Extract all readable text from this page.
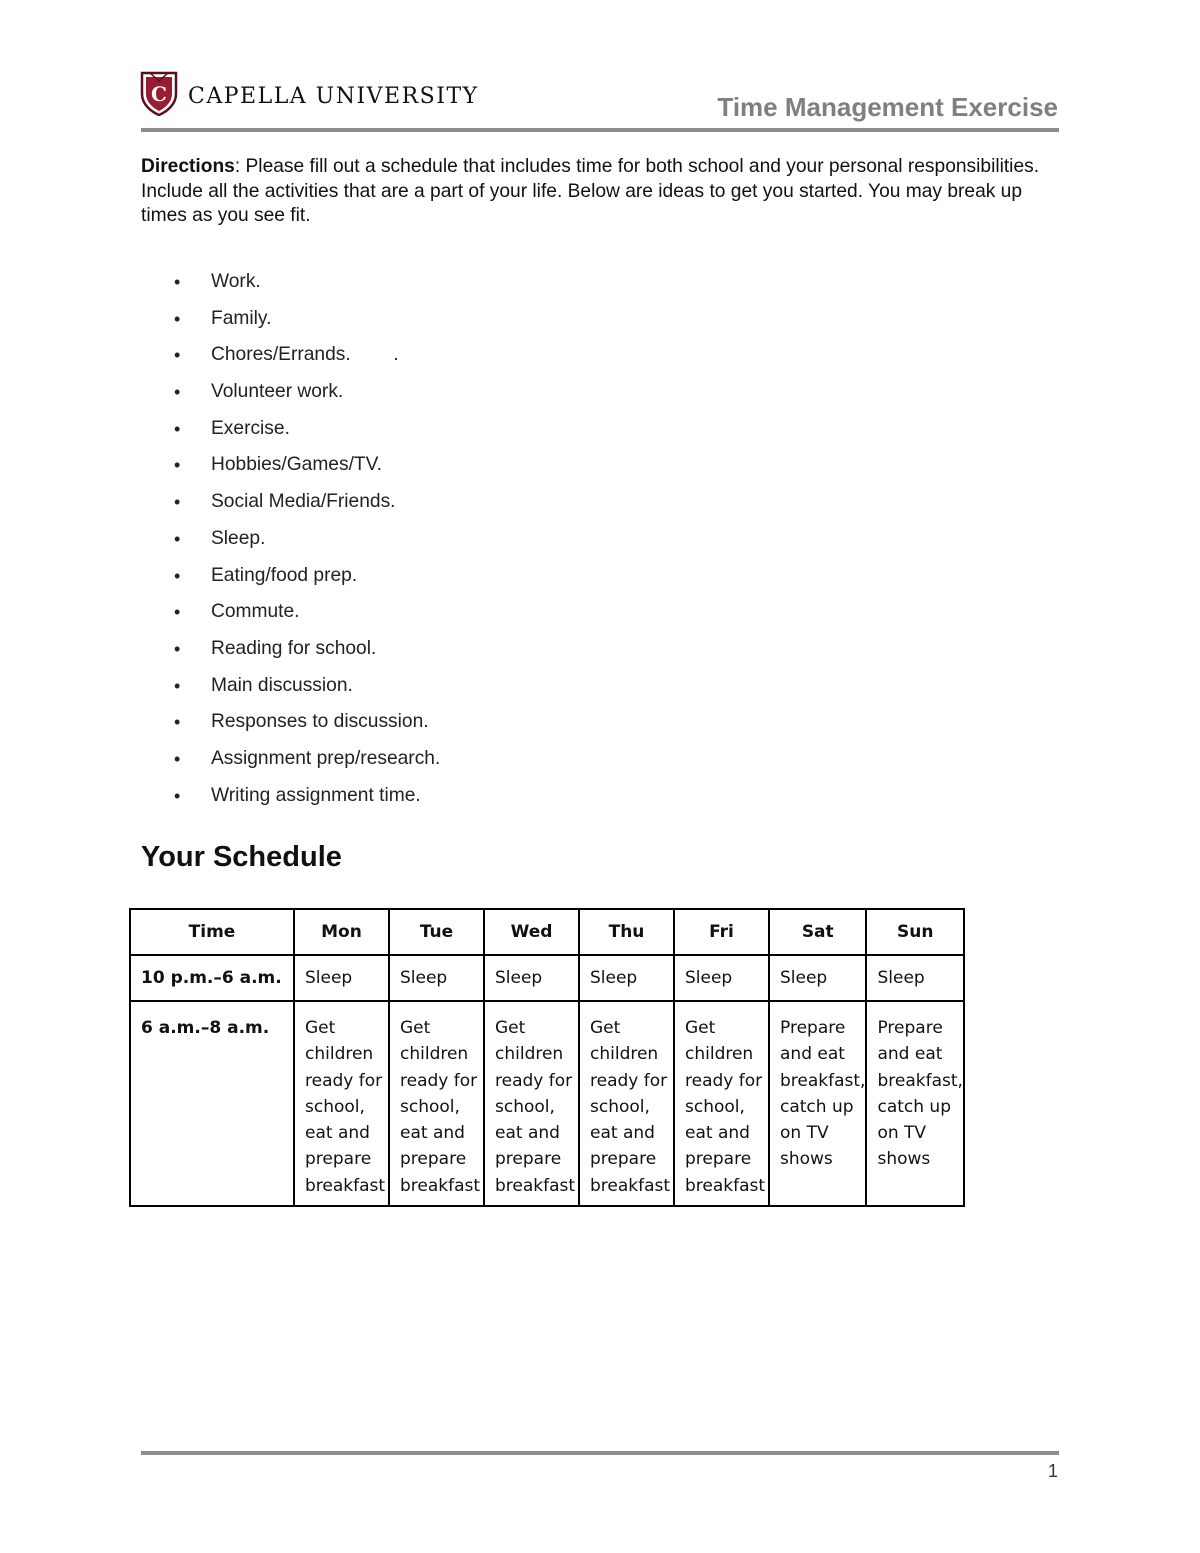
C CAPELLA UNIVERSITY	Time Management Exercise
Directions: Please fill out a schedule that includes time for both school and your personal responsibilities. Include all the activities that are a part of your life. Below are ideas to get you started. You may break up times as you see fit.
• Work.
• Family.
• Chores/Errands.        .
• Volunteer work.
• Exercise.
• Hobbies/Games/TV.
• Social Media/Friends.
• Sleep.
• Eating/food prep.
• Commute.
• Reading for school.
• Main discussion.
• Responses to discussion.
• Assignment prep/research.
• Writing assignment time.
Your Schedule
Time	Mon	Tue	Wed	Thu	Fri	Sat	Sun
10 p.m.–6 a.m.	Sleep	Sleep	Sleep	Sleep	Sleep	Sleep	Sleep
6 a.m.–8 a.m.	Get children ready for school, eat and prepare breakfast	Get children ready for school, eat and prepare breakfast	Get children ready for school, eat and prepare breakfast	Get children ready for school, eat and prepare breakfast	Get children ready for school, eat and prepare breakfast	Prepare and eat breakfast, catch up on TV shows	Prepare and eat breakfast, catch up on TV shows
1
